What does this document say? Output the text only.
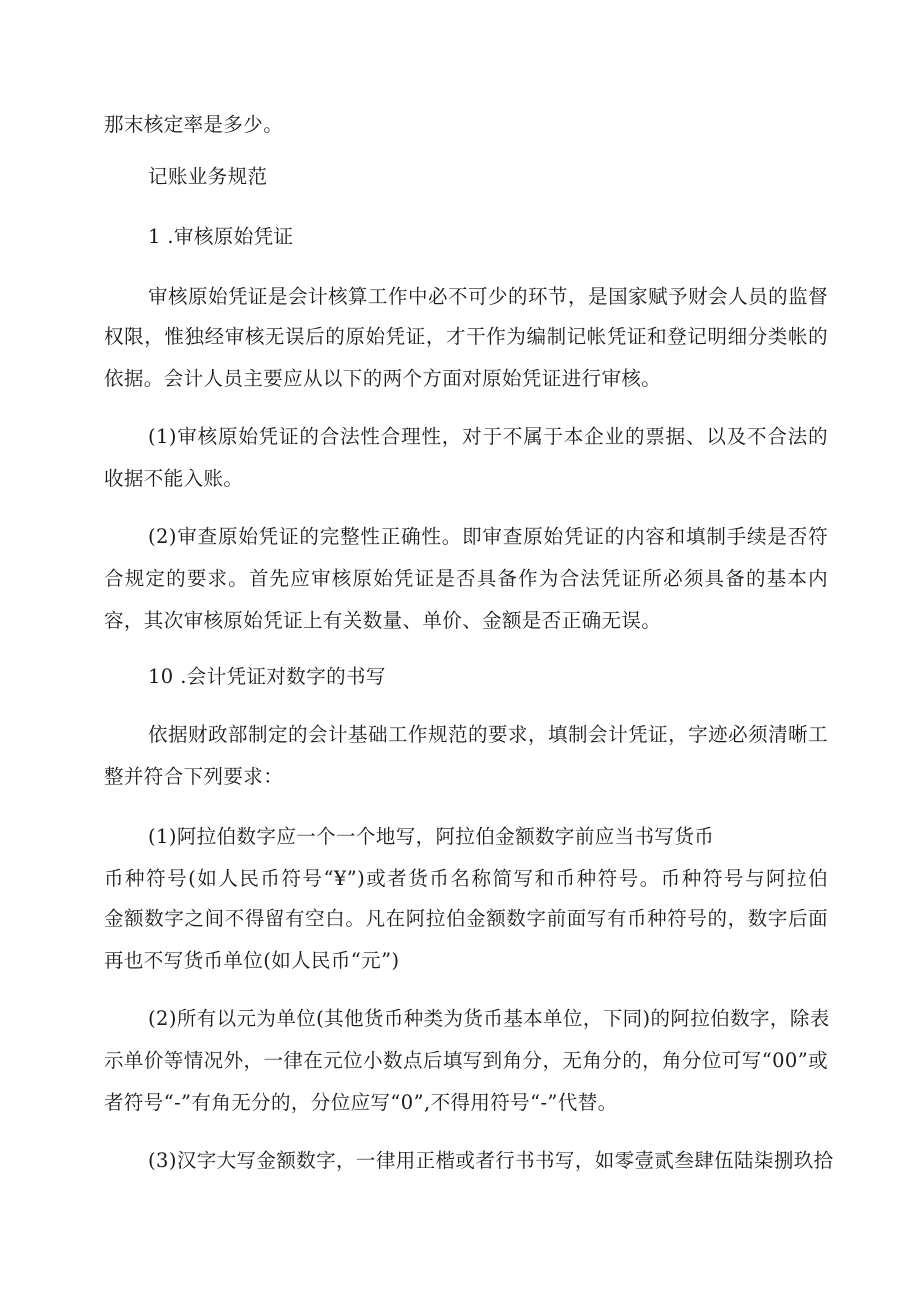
那末核定率是多少。
记账业务规范
1 .审核原始凭证
审核原始凭证是会计核算工作中必不可少的环节，是国家赋予财会人员的监督
权限，惟独经审核无误后的原始凭证，才干作为编制记帐凭证和登记明细分类帐的
依据。会计人员主要应从以下的两个方面对原始凭证进行审核。
(1)审核原始凭证的合法性合理性，对于不属于本企业的票据、以及不合法的
收据不能入账。
(2)审查原始凭证的完整性正确性。即审查原始凭证的内容和填制手续是否符
合规定的要求。首先应审核原始凭证是否具备作为合法凭证所必须具备的基本内
容，其次审核原始凭证上有关数量、单价、金额是否正确无误。
10 .会计凭证对数字的书写
依据财政部制定的会计基础工作规范的要求，填制会计凭证，字迹必须清晰工
整并符合下列要求：
(1)阿拉伯数字应一个一个地写，阿拉伯金额数字前应当书写货币
币种符号(如人民币符号“¥”)或者货币名称简写和币种符号。币种符号与阿拉伯
金额数字之间不得留有空白。凡在阿拉伯金额数字前面写有币种符号的，数字后面
再也不写货币单位(如人民币“元”)
(2)所有以元为单位(其他货币种类为货币基本单位，下同)的阿拉伯数字，除表
示单价等情况外，一律在元位小数点后填写到角分，无角分的，角分位可写“00”或
者符号“-”有角无分的，分位应写“0”,不得用符号“-”代替。
(3)汉字大写金额数字，一律用正楷或者行书书写，如零壹贰叁肆伍陆柒捌玖拾
